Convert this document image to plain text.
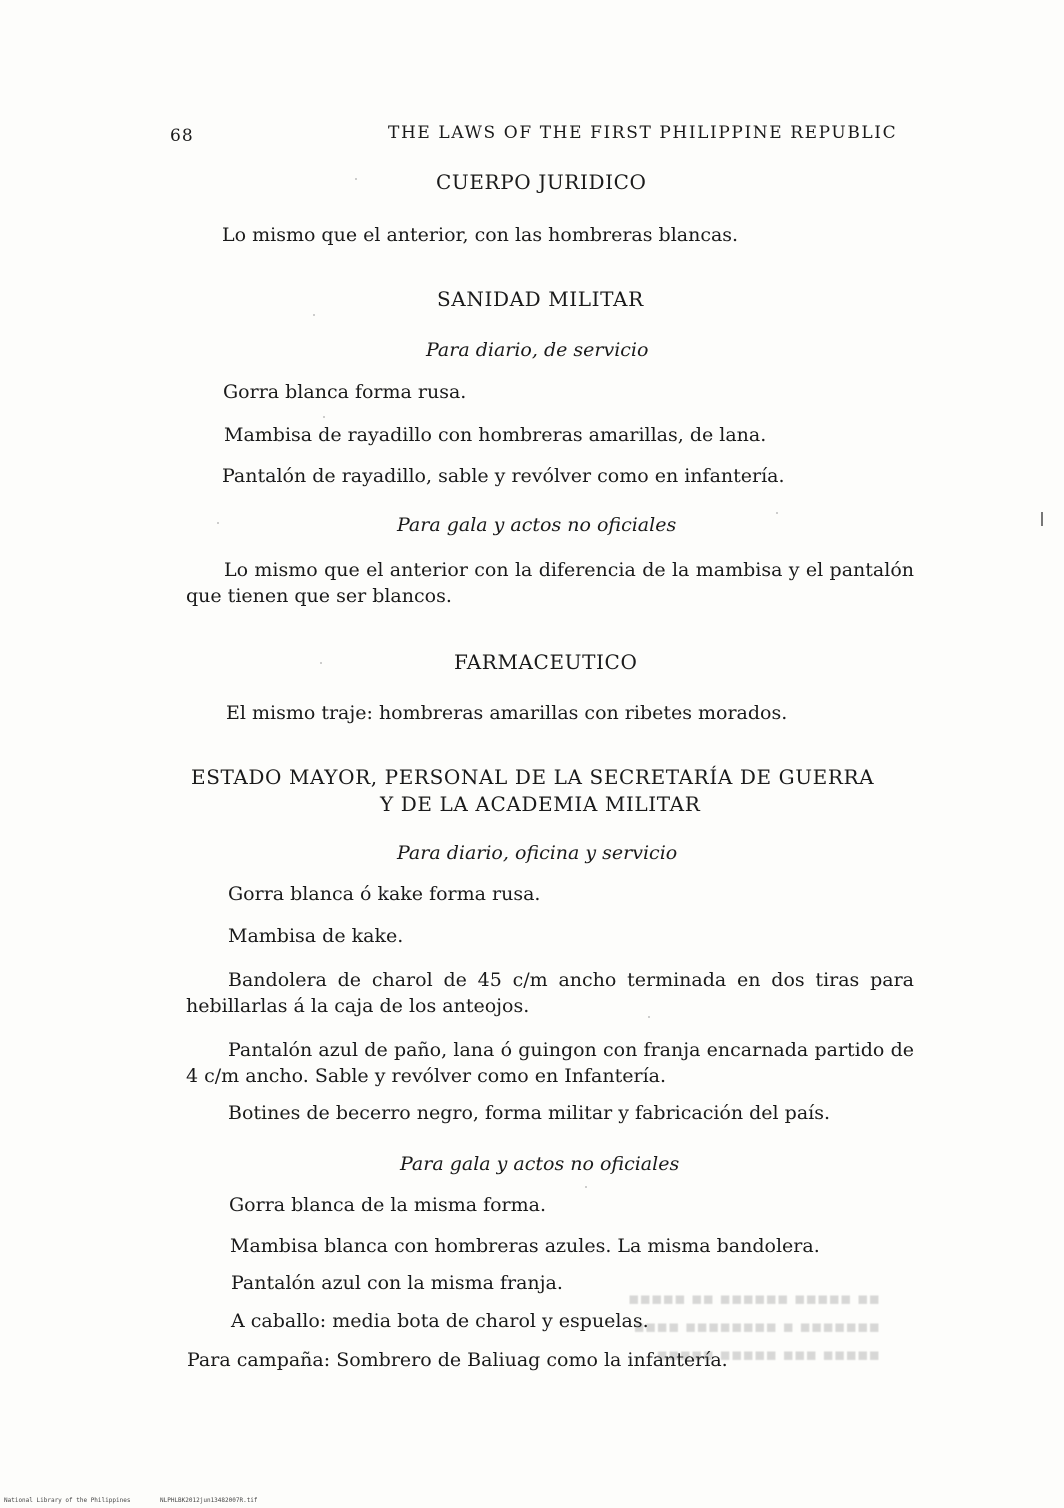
68	THE LAWS OF THE FIRST PHILIPPINE REPUBLIC
CUERPO JURIDICO
Lo mismo que el anterior, con las hombreras blancas.
SANIDAD MILITAR
Para diario, de servicio
Gorra blanca forma rusa.
Mambisa de rayadillo con hombreras amarillas, de lana.
Pantalón de rayadillo, sable y revólver como en infantería.
Para gala y actos no oficiales
Lo mismo que el anterior con la diferencia de la mambisa y el pantalón que tienen que ser blancos.
FARMACEUTICO
El mismo traje: hombreras amarillas con ribetes morados.
ESTADO MAYOR, PERSONAL DE LA SECRETARÍA DE GUERRA
Y DE LA ACADEMIA MILITAR
Para diario, oficina y servicio
Gorra blanca ó kake forma rusa.
Mambisa de kake.
Bandolera de charol de 45 c/m ancho terminada en dos tiras para hebillarlas á la caja de los anteojos.
Pantalón azul de paño, lana ó guingon con franja encarnada partido de 4 c/m ancho. Sable y revólver como en Infantería.
Botines de becerro negro, forma militar y fabricación del país.
Para gala y actos no oficiales
Gorra blanca de la misma forma.
Mambisa blanca con hombreras azules. La misma bandolera.
Pantalón azul con la misma franja.
A caballo: media bota de charol y espuelas.
Para campaña: Sombrero de Baliuag como la infantería.
▪▪ ▪▪▪▪▪ ▪▪▪▪▪▪ ▪▪ ▪▪▪▪▪
▪▪▪▪▪▪▪ ▪ ▪▪▪▪▪▪▪▪ ▪▪▪▪
▪▪▪▪▪ ▪▪▪ ▪▪▪▪▪ ▪▪▪▪▪
National Library of the Philippines	NLPHLBK2012jun13482007R.tif
